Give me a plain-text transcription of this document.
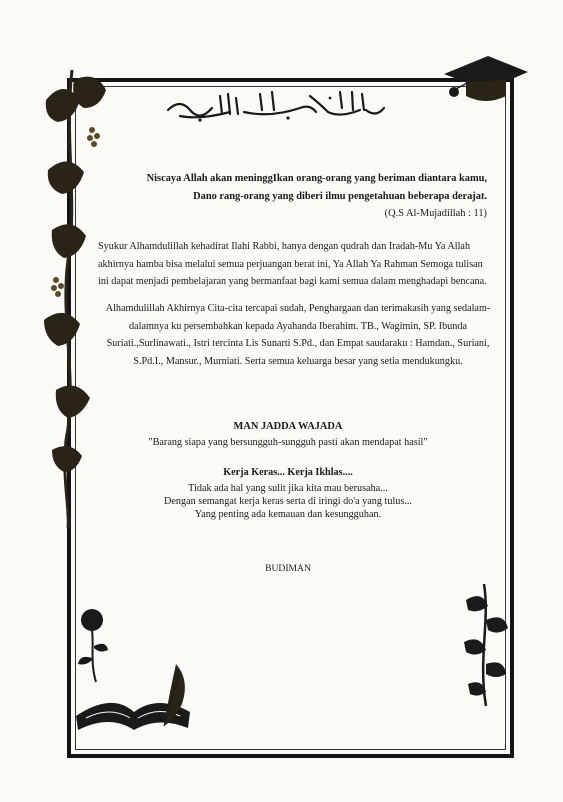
Niscaya Allah akan meninggIkan orang-orang yang beriman diantara kamu,
Dano rang-orang yang diberi ilmu pengetahuan beberapa derajat.
(Q.S Al-Mujadillah : 11)
Syukur Alhamdulillah kehadirat Ilahi Rabbi, hanya dengan qudrah dan Iradah-Mu Ya Allah
akhirnya hamba bisa melalui semua perjuangan berat ini, Ya Allah Ya Rahman Semoga tulisan
ini dapat menjadi pembelajaran yang bermanfaat bagi kami semua dalam menghadapi bencana.
Alhamdulillah Akhirnya Cita-cita tercapai sudah, Penghargaan dan terimakasih yang sedalam-
dalamnya ku persembahkan kepada Ayahanda Iberahim. TB., Wagimin, SP. Ibunda
Suriati.,Surlinawati., Istri tercinta Lis Sunarti S.Pd., dan Empat saudaraku : Hamdan., Suriani,
S.Pd.I., Mansur., Murniati. Serta semua keluarga besar yang setia mendukungku.
MAN JADDA WAJADA
"Barang siapa yang bersungguh-sungguh pasti akan mendapat hasil"
Kerja Keras... Kerja Ikhlas....
Tidak ada hal yang sulit jika kita mau berusaha...
Dengan semangat kerja keras serta di iringi do'a yang tulus...
Yang penting ada kemauan dan kesungguhan.
BUDIMAN
